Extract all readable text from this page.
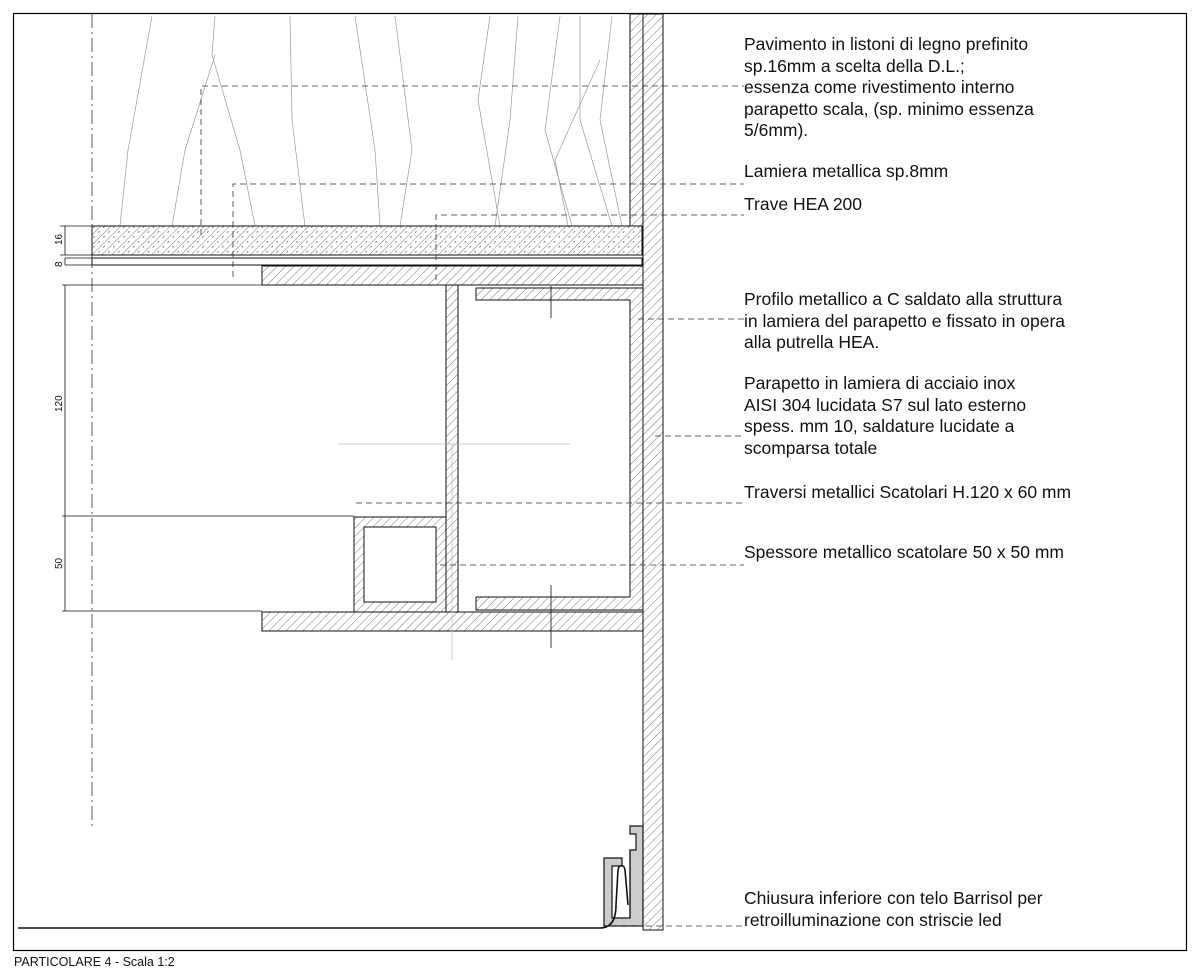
16
8
120
50

Pavimento in listoni di legno prefinito
sp.16mm a scelta della D.L.;
essenza come rivestimento interno
parapetto scala, (sp. minimo essenza
5/6mm).

Lamiera metallica sp.8mm

Trave HEA 200

Profilo metallico a C saldato alla struttura
in lamiera del parapetto e fissato in opera
alla putrella HEA.

Parapetto in lamiera di acciaio inox
AISI 304 lucidata S7 sul lato esterno
spess. mm 10, saldature lucidate a
scomparsa totale

Traversi metallici Scatolari H.120 x 60 mm

Spessore metallico scatolare 50 x 50 mm

Chiusura inferiore con telo Barrisol per
retroilluminazione con striscie led

PARTICOLARE 4 - Scala 1:2
